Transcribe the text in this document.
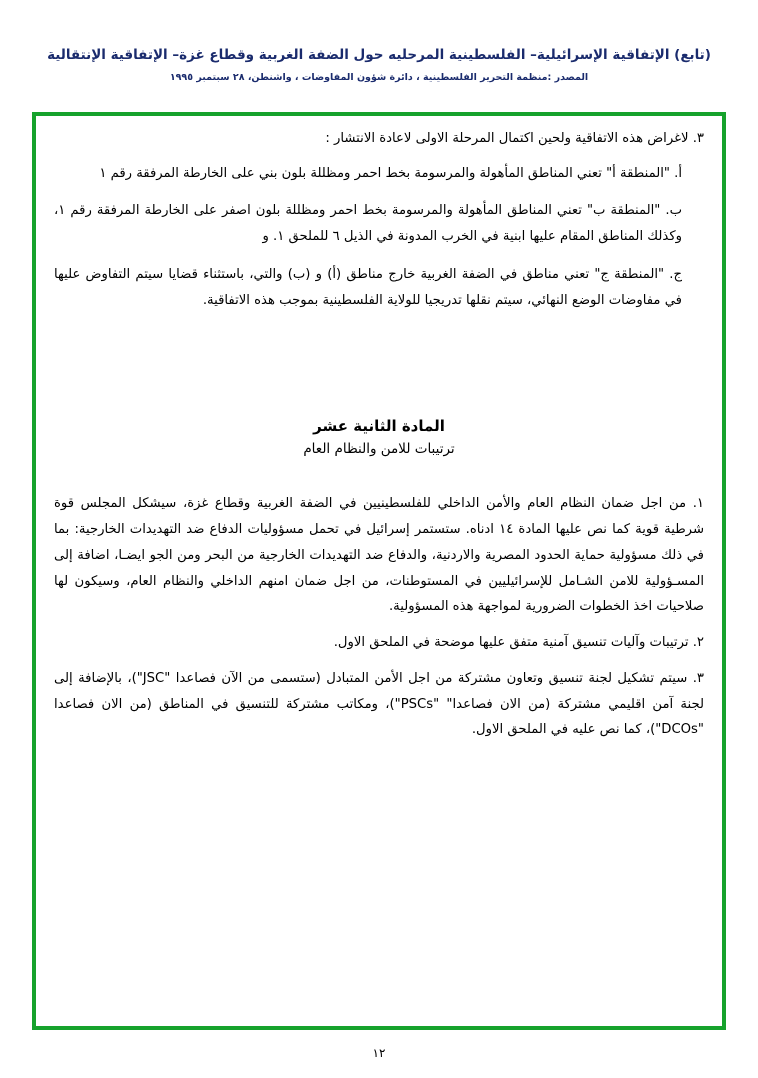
(تابع) الإتفاقية الإسرائيلية– الفلسطينية المرحليه حول الضفة الغربية وقطاع غزة– الإتفاقية الإنتقالية
المصدر :منظمة التحرير الفلسطينية ، دائرة شؤون المفاوضات ، واشنطن، ٢٨ سبتمبر ١٩٩٥

٣. لاغراض هذه الاتفاقية ولحين اكتمال المرحلة الاولى لاعادة الانتشار :

أ. "المنطقة أ" تعني المناطق المأهولة والمرسومة بخط احمر ومظللة بلون بني على الخارطة المرفقة رقم ١

ب. "المنطقة ب" تعني المناطق المأهولة والمرسومة بخط احمر ومظللة بلون اصفر على الخارطة المرفقة رقم ١، وكذلك المناطق المقام عليها ابنية في الخرب المدونة في الذيل ٦ للملحق ١. و

ج. "المنطقة ج" تعني مناطق في الضفة الغربية خارج مناطق (أ) و (ب) والتي، باستثناء قضايا سيتم التفاوض عليها في مفاوضات الوضع النهائي، سيتم نقلها تدريجيا للولاية الفلسطينية بموجب هذه الاتفاقية.

المادة الثانية عشر

ترتيبات للامن والنظام العام

١. من اجل ضمان النظام العام والأمن الداخلي للفلسطينيين في الضفة الغربية وقطاع غزة، سيشكل المجلس قوة شرطية قوية كما نص عليها المادة ١٤ ادناه. ستستمر إسرائيل في تحمل مسؤوليات الدفاع ضد التهديدات الخارجية: بما في ذلك مسؤولية حماية الحدود المصرية والاردنية، والدفاع ضد التهديدات الخارجية من البحر ومن الجو ايضـا، اضافة إلى المسـؤولية للامن الشـامل للإسرائيليين في المستوطنات، من اجل ضمان امنهم الداخلي والنظام العام، وسيكون لها صلاحيات اخذ الخطوات الضرورية لمواجهة هذه المسؤولية.

٢. ترتيبات وآليات تنسيق آمنية متفق عليها موضحة في الملحق الاول.

٣. سيتم تشكيل لجنة تنسيق وتعاون مشتركة من اجل الأمن المتبادل (ستسمى من الآن فصاعدا "JSC")، بالإضافة إلى لجنة آمن اقليمي مشتركة (من الان فصاعدا" "PSCs")، ومكاتب مشتركة للتنسيق في المناطق (من الان فصاعدا "DCOs")، كما نص عليه في الملحق الاول.

١٢
